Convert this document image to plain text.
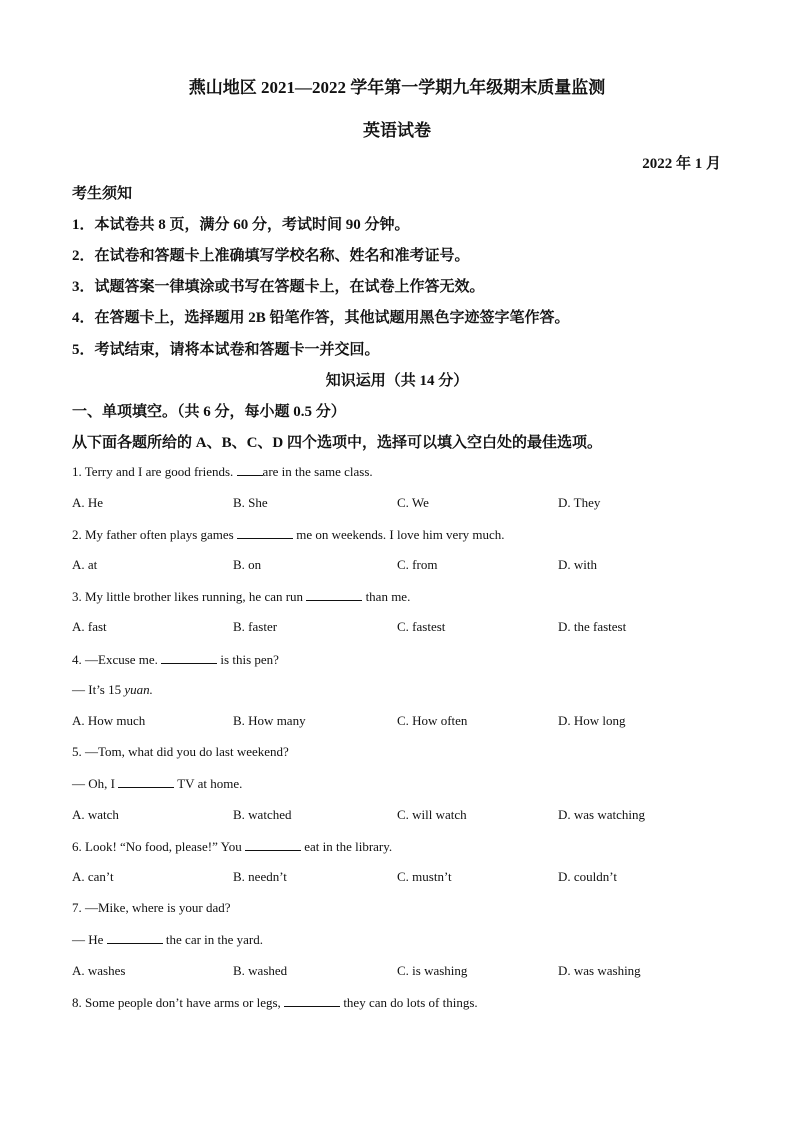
燕山地区 2021—2022 学年第一学期九年级期末质量监测
英语试卷
2022 年 1 月
考生须知
1．本试卷共 8 页，满分 60 分，考试时间 90 分钟。
2．在试卷和答题卡上准确填写学校名称、姓名和准考证号。
3．试题答案一律填涂或书写在答题卡上，在试卷上作答无效。
4．在答题卡上，选择题用 2B 铅笔作答，其他试题用黑色字迹签字笔作答。
5．考试结束，请将本试卷和答题卡一并交回。
知识运用（共 14 分）
一、单项填空。（共 6 分，每小题 0.5 分）
从下面各题所给的 A、B、C、D 四个选项中，选择可以填入空白处的最佳选项。
1. Terry and I are good friends. are in the same class.
A. He	B. She	C. We	D. They
2. My father often plays games	me on weekends. I love him very much.
A. at	B. on	C. from	D. with
3. My little brother likes running, he can run	than me.
A. fast	B. faster	C. fastest	D. the fastest
4. —Excuse me.	is this pen?
— It’s 15 yuan.
A. How much	B. How many	C. How often	D. How long
5. —Tom, what did you do last weekend?
— Oh, I	TV at home.
A. watch	B. watched	C. will watch	D. was watching
6. Look! “No food, please!” You	eat in the library.
A. can’t	B. needn’t	C. mustn’t	D. couldn’t
7. —Mike, where is your dad?
— He	the car in the yard.
A. washes	B. washed	C. is washing	D. was washing
8. Some people don’t have arms or legs,	they can do lots of things.
